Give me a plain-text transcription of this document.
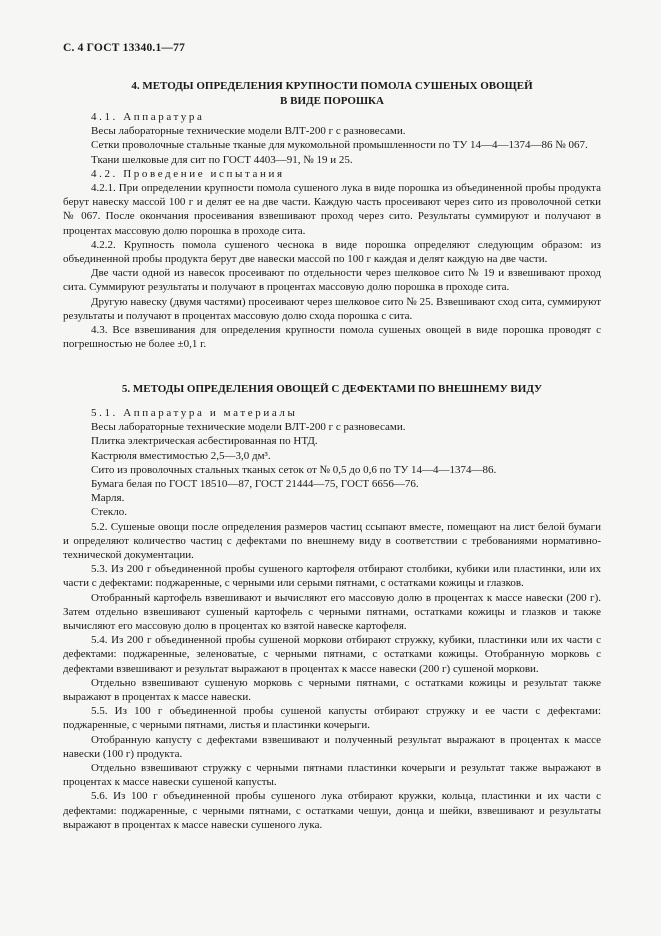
С. 4 ГОСТ 13340.1—77
4. МЕТОДЫ ОПРЕДЕЛЕНИЯ КРУПНОСТИ ПОМОЛА СУШЕНЫХ ОВОЩЕЙ
В ВИДЕ ПОРОШКА

4.1. Аппаратура

Весы лабораторные технические модели ВЛТ-200 г с разновесами.

Сетки проволочные стальные тканые для мукомольной промышленности по ТУ 14—4—1374—86 № 067.

Ткани шелковые для сит по ГОСТ 4403—91, № 19 и 25.

4.2. Проведение испытания

4.2.1. При определении крупности помола сушеного лука в виде порошка из объединенной пробы продукта берут навеску массой 100 г и делят ее на две части. Каждую часть просеивают через сито из проволочной сетки № 067. После окончания просеивания взвешивают проход через сито. Результаты суммируют и получают в процентах массовую долю порошка в проходе сита.

4.2.2. Крупность помола сушеного чеснока в виде порошка определяют следующим образом: из объединенной пробы продукта берут две навески массой по 100 г каждая и делят каждую на две части.

Две части одной из навесок просеивают по отдельности через шелковое сито № 19 и взвешивают проход сита. Суммируют результаты и получают в процентах массовую долю порошка в проходе сита.

Другую навеску (двумя частями) просеивают через шелковое сито № 25. Взвешивают сход сита, суммируют результаты и получают в процентах массовую долю схода порошка с сита.

4.3. Все взвешивания для определения крупности помола сушеных овощей в виде порошка проводят с погрешностью не более ±0,1 г.

5. МЕТОДЫ ОПРЕДЕЛЕНИЯ ОВОЩЕЙ С ДЕФЕКТАМИ ПО ВНЕШНЕМУ ВИДУ

5.1. Аппаратура и материалы

Весы лабораторные технические модели ВЛТ-200 г с разновесами.

Плитка электрическая асбестированная по НТД.

Кастрюля вместимостью 2,5—3,0 дм³.

Сито из проволочных стальных тканых сеток от № 0,5 до 0,6 по ТУ 14—4—1374—86.

Бумага белая по ГОСТ 18510—87, ГОСТ 21444—75, ГОСТ 6656—76.

Марля.

Стекло.

5.2. Сушеные овощи после определения размеров частиц ссыпают вместе, помещают на лист белой бумаги и определяют количество частиц с дефектами по внешнему виду в соответствии с требованиями нормативно-технической документации.

5.3. Из 200 г объединенной пробы сушеного картофеля отбирают столбики, кубики или пластинки, или их части с дефектами: поджаренные, с черными или серыми пятнами, с остатками кожицы и глазков.

Отобранный картофель взвешивают и вычисляют его массовую долю в процентах к массе навески (200 г). Затем отдельно взвешивают сушеный картофель с черными пятнами, остатками кожицы и глазков и также вычисляют его массовую долю в процентах ко взятой навеске картофеля.

5.4. Из 200 г объединенной пробы сушеной моркови отбирают стружку, кубики, пластинки или их части с дефектами: поджаренные, зеленоватые, с черными пятнами, с остатками кожицы. Отобранную морковь с дефектами взвешивают и результат выражают в процентах к массе навески (200 г) сушеной моркови.

Отдельно взвешивают сушеную морковь с черными пятнами, с остатками кожицы и результат также выражают в процентах к массе навески.

5.5. Из 100 г объединенной пробы сушеной капусты отбирают стружку и ее части с дефектами: поджаренные, с черными пятнами, листья и пластинки кочерыги.

Отобранную капусту с дефектами взвешивают и полученный результат выражают в процентах к массе навески (100 г) продукта.

Отдельно взвешивают стружку с черными пятнами пластинки кочерыги и результат также выражают в процентах к массе навески сушеной капусты.

5.6. Из 100 г объединенной пробы сушеного лука отбирают кружки, кольца, пластинки и их части с дефектами: поджаренные, с черными пятнами, с остатками чешуи, донца и шейки, взвешивают и результаты выражают в процентах к массе навески сушеного лука.
